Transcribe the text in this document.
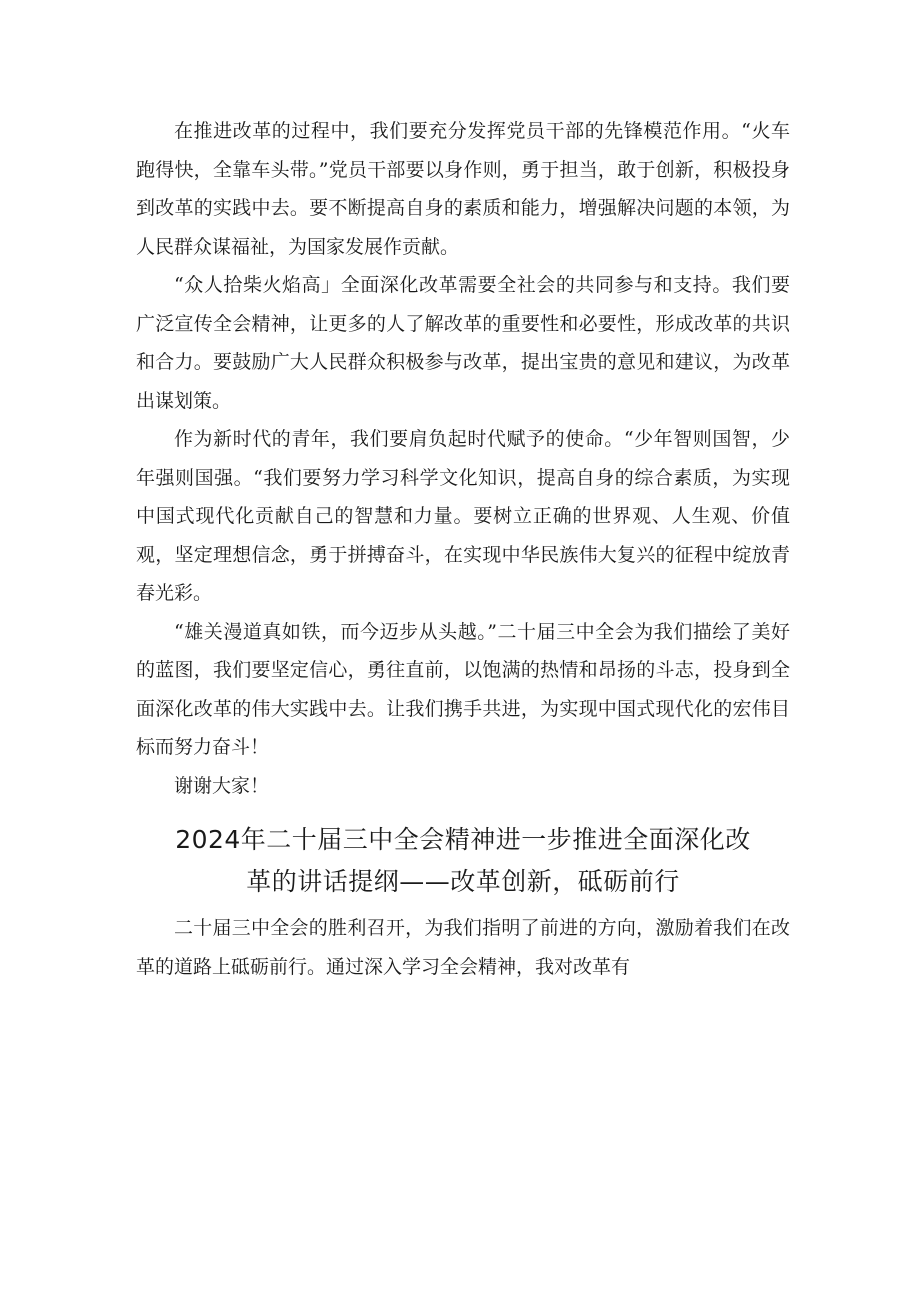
在推进改革的过程中，我们要充分发挥党员干部的先锋模范作用。“火车跑得快，全靠车头带。”党员干部要以身作则，勇于担当，敢于创新，积极投身到改革的实践中去。要不断提高自身的素质和能力，增强解决问题的本领，为人民群众谋福祉，为国家发展作贡献。

“众人拾柴火焰高」全面深化改革需要全社会的共同参与和支持。我们要广泛宣传全会精神，让更多的人了解改革的重要性和必要性，形成改革的共识和合力。要鼓励广大人民群众积极参与改革，提出宝贵的意见和建议，为改革出谋划策。

作为新时代的青年，我们要肩负起时代赋予的使命。“少年智则国智，少年强则国强。“我们要努力学习科学文化知识，提高自身的综合素质，为实现中国式现代化贡献自己的智慧和力量。要树立正确的世界观、人生观、价值观，坚定理想信念，勇于拼搏奋斗，在实现中华民族伟大复兴的征程中绽放青春光彩。

“雄关漫道真如铁，而今迈步从头越。”二十届三中全会为我们描绘了美好的蓝图，我们要坚定信心，勇往直前，以饱满的热情和昂扬的斗志，投身到全面深化改革的伟大实践中去。让我们携手共进，为实现中国式现代化的宏伟目标而努力奋斗！

谢谢大家！

2024年二十届三中全会精神进一步推进全面深化改
革的讲话提纲——改革创新，砥砺前行

二十届三中全会的胜利召开，为我们指明了前进的方向，激励着我们在改革的道路上砥砺前行。通过深入学习全会精神，我对改革有
